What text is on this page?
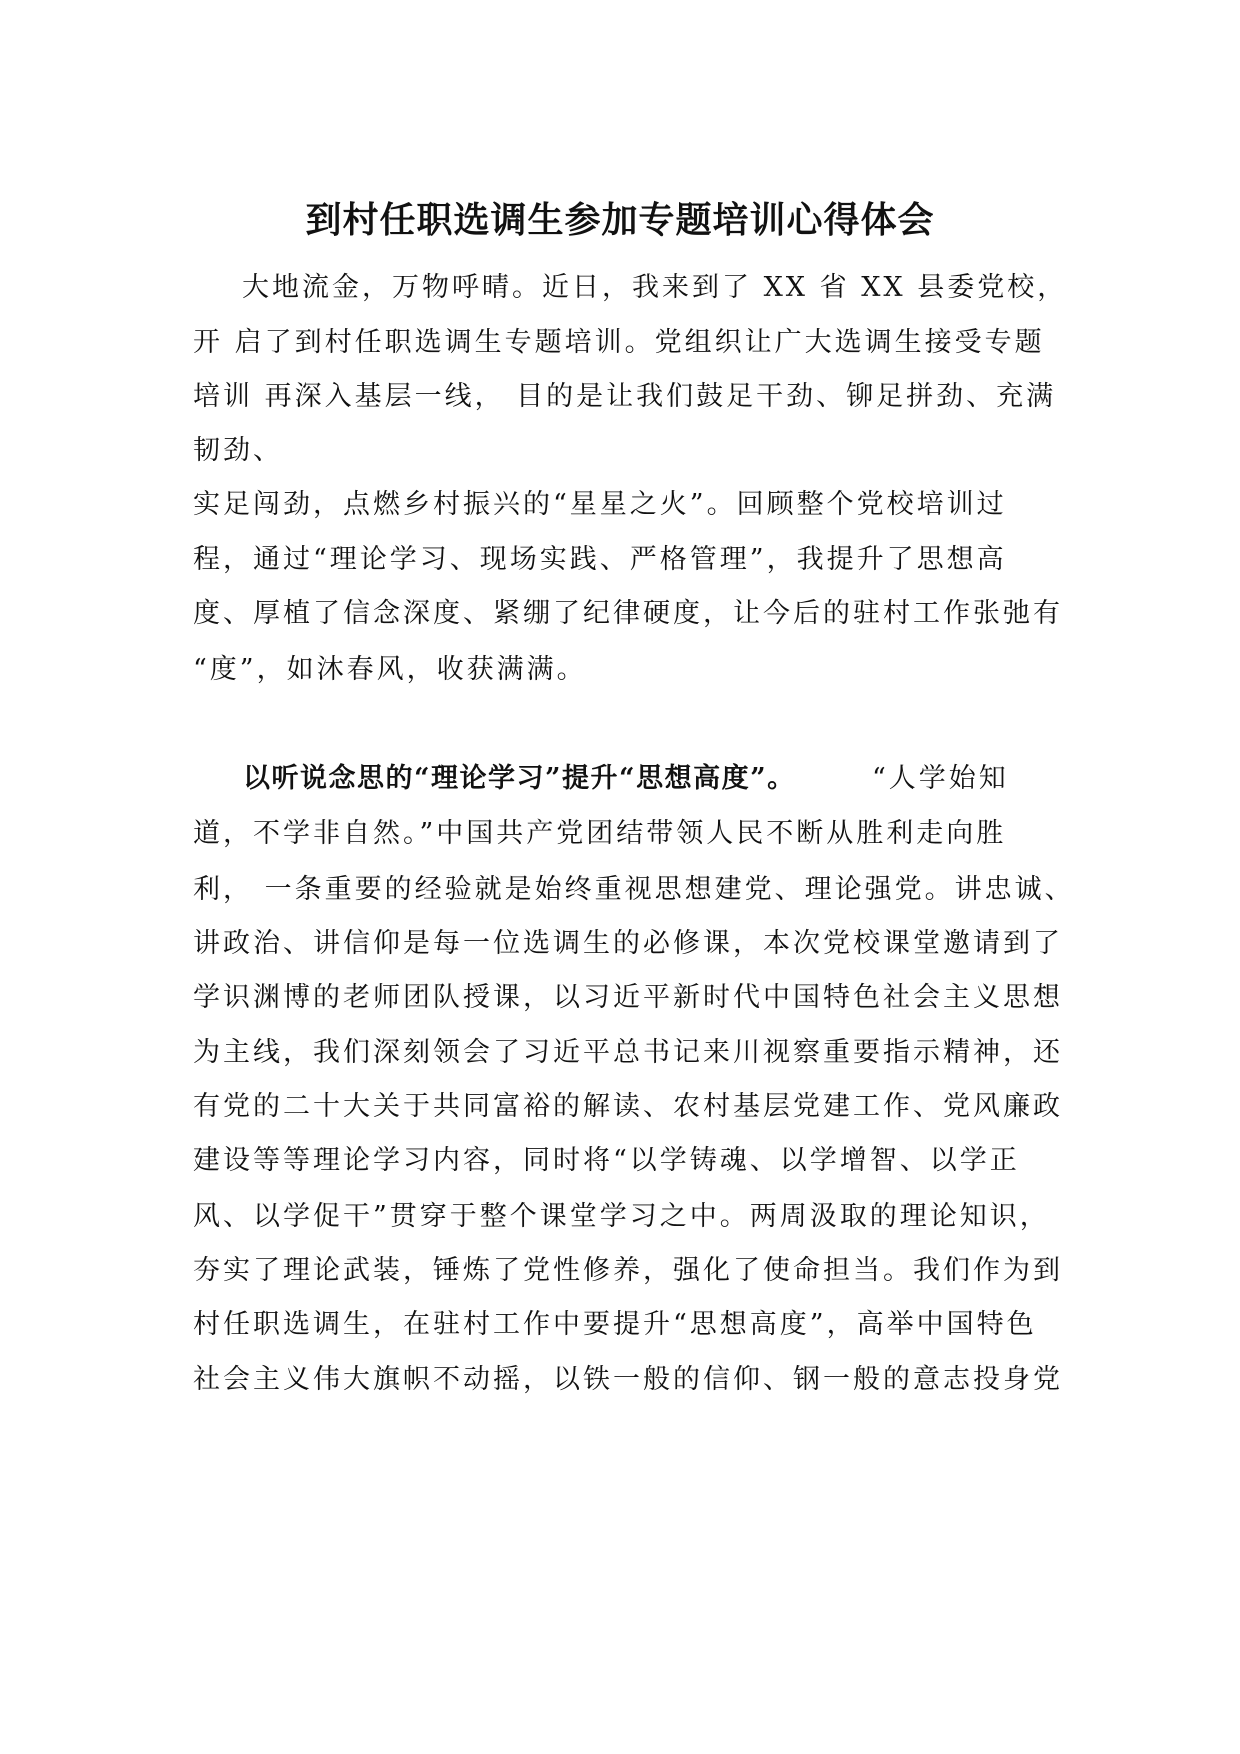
到村任职选调生参加专题培训心得体会
大地流金，万物呼晴。近日，我来到了 XX 省 XX 县委党校，
开 启了到村任职选调生专题培训。党组织让广大选调生接受专题
培训 再深入基层一线， 目的是让我们鼓足干劲、铆足拼劲、充满
韧劲、
实足闯劲，点燃乡村振兴的“星星之火”。回顾整个党校培训过
程，通过“理论学习、现场实践、严格管理”，我提升了思想高
度、厚植了信念深度、紧绷了纪律硬度，让今后的驻村工作张弛有
“度”，如沐春风，收获满满。
以听说念思的“理论学习”提升“思想高度”。	“人学始知
道，不学非自然。”中国共产党团结带领人民不断从胜利走向胜
利， 一条重要的经验就是始终重视思想建党、理论强党。讲忠诚、
讲政治、讲信仰是每一位选调生的必修课，本次党校课堂邀请到了
学识渊博的老师团队授课，以习近平新时代中国特色社会主义思想
为主线，我们深刻领会了习近平总书记来川视察重要指示精神，还
有党的二十大关于共同富裕的解读、农村基层党建工作、党风廉政
建设等等理论学习内容，同时将“以学铸魂、以学增智、以学正
风、以学促干”贯穿于整个课堂学习之中。两周汲取的理论知识，
夯实了理论武装，锤炼了党性修养，强化了使命担当。我们作为到
村任职选调生，在驻村工作中要提升“思想高度”，高举中国特色
社会主义伟大旗帜不动摇，以铁一般的信仰、钢一般的意志投身党
